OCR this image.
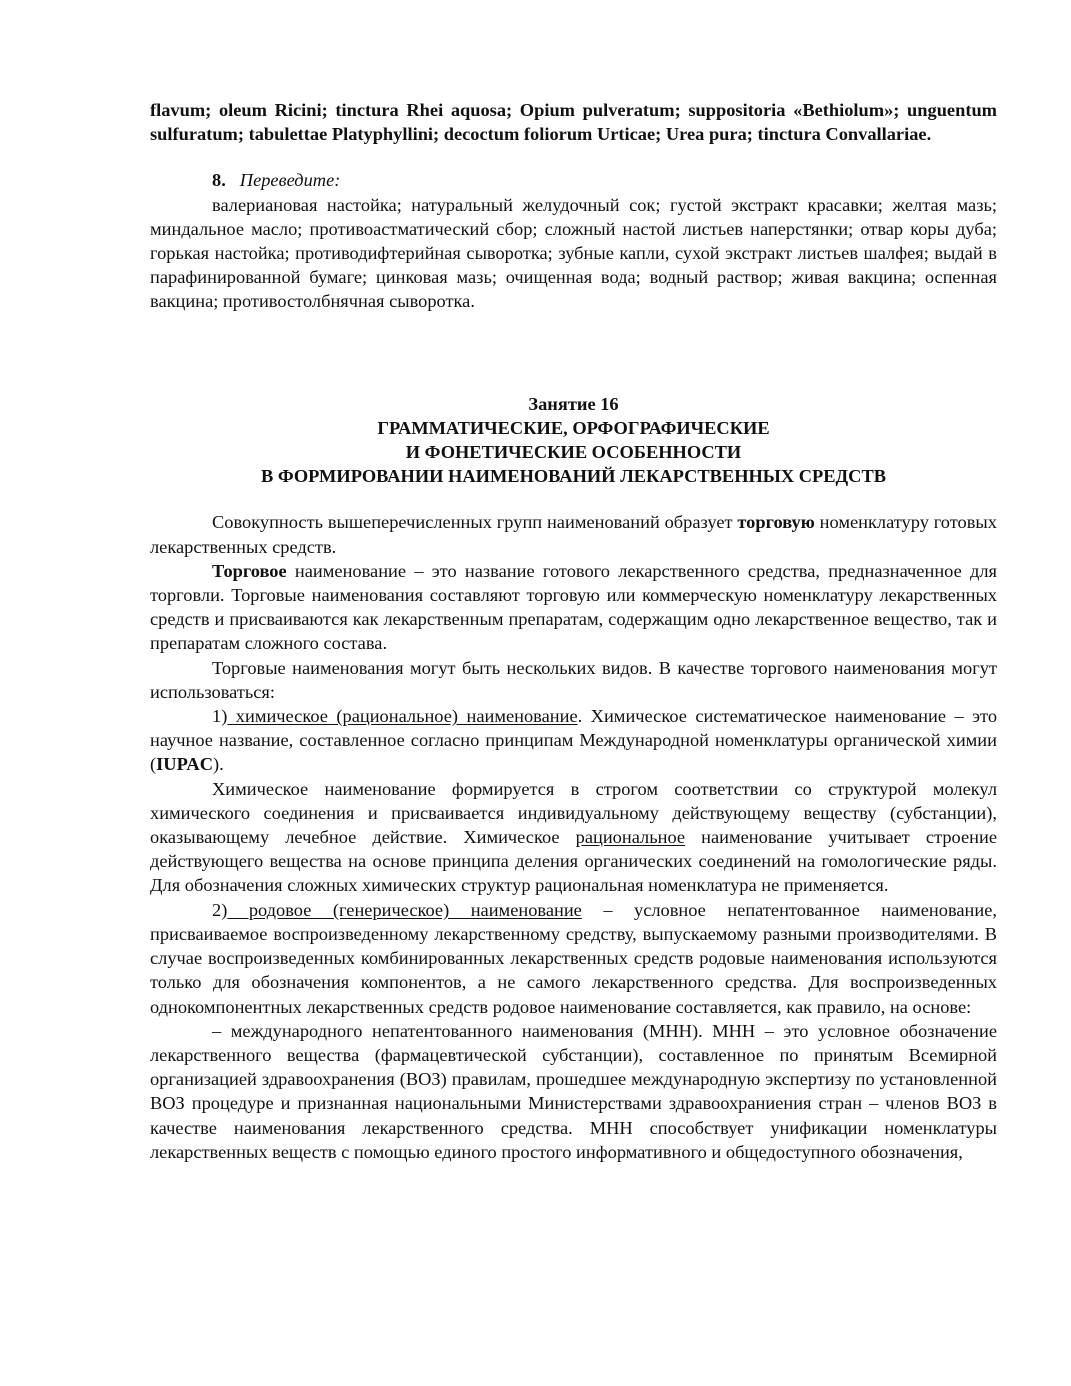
flavum; oleum Ricini; tinctura Rhei aquosa; Opium pulveratum; suppositoria «Bethiolum»; unguentum sulfuratum; tabulettae Platyphyllini; decoctum foliorum Urticae; Urea pura; tinctura Convallariae.

8. Переведите:

валериановая настойка; натуральный желудочный сок; густой экстракт красавки; желтая мазь; миндальное масло; противоастматический сбор; сложный настой листьев наперстянки; отвар коры дуба; горькая настойка; противодифтерийная сыворотка; зубные капли, сухой экстракт листьев шалфея; выдай в парафинированной бумаге; цинковая мазь; очищенная вода; водный раствор; живая вакцина; оспенная вакцина; противостолбнячная сыворотка.

Занятие 16
ГРАММАТИЧЕСКИЕ, ОРФОГРАФИЧЕСКИЕ
И ФОНЕТИЧЕСКИЕ ОСОБЕННОСТИ
В ФОРМИРОВАНИИ НАИМЕНОВАНИЙ ЛЕКАРСТВЕННЫХ СРЕДСТВ

Совокупность вышеперечисленных групп наименований образует торговую номенклатуру готовых лекарственных средств.

Торговое наименование – это название готового лекарственного средства, предназначенное для торговли. Торговые наименования составляют торговую или коммерческую номенклатуру лекарственных средств и присваиваются как лекарственным препаратам, содержащим одно лекарственное вещество, так и препаратам сложного состава.

Торговые наименования могут быть нескольких видов. В качестве торгового наименования могут использоваться:

1) химическое (рациональное) наименование. Химическое систематическое наименование – это научное название, составленное согласно принципам Международной номенклатуры органической химии (IUPAC).

Химическое наименование формируется в строгом соответствии со структурой молекул химического соединения и присваивается индивидуальному действующему веществу (субстанции), оказывающему лечебное действие. Химическое рациональное наименование учитывает строение действующего вещества на основе принципа деления органических соединений на гомологические ряды. Для обозначения сложных химических структур рациональная номенклатура не применяется.

2) родовое (генерическое) наименование – условное непатентованное наименование, присваиваемое воспроизведенному лекарственному средству, выпускаемому разными производителями. В случае воспроизведенных комбинированных лекарственных средств родовые наименования используются только для обозначения компонентов, а не самого лекарственного средства. Для воспроизведенных однокомпонентных лекарственных средств родовое наименование составляется, как правило, на основе:

– международного непатентованного наименования (МНН). МНН – это условное обозначение лекарственного вещества (фармацевтической субстанции), составленное по принятым Всемирной организацией здравоохранения (ВОЗ) правилам, прошедшее международную экспертизу по установленной ВОЗ процедуре и признанная национальными Министерствами здравоохраниения стран – членов ВОЗ в качестве наименования лекарственного средства. МНН способствует унификации номенклатуры лекарственных веществ с помощью единого простого информативного и общедоступного обозначения,
